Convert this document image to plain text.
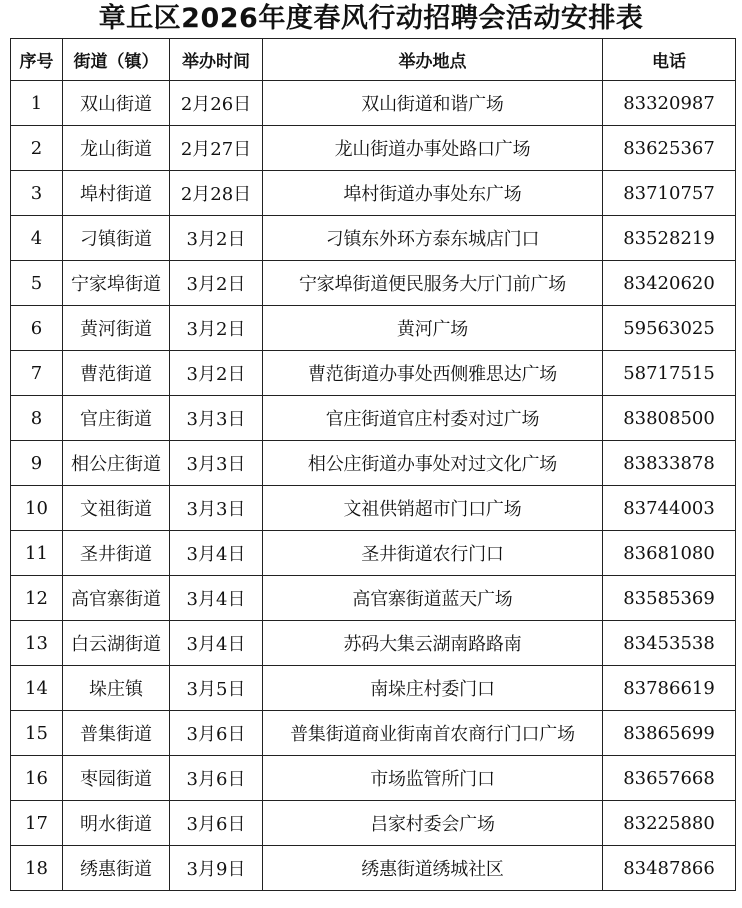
章丘区2026年度春风行动招聘会活动安排表
序号	街道（镇）	举办时间	举办地点	电话
1	双山街道	2月26日	双山街道和谐广场	83320987
2	龙山街道	2月27日	龙山街道办事处路口广场	83625367
3	埠村街道	2月28日	埠村街道办事处东广场	83710757
4	刁镇街道	3月2日	刁镇东外环方泰东城店门口	83528219
5	宁家埠街道	3月2日	宁家埠街道便民服务大厅门前广场	83420620
6	黄河街道	3月2日	黄河广场	59563025
7	曹范街道	3月2日	曹范街道办事处西侧雅思达广场	58717515
8	官庄街道	3月3日	官庄街道官庄村委对过广场	83808500
9	相公庄街道	3月3日	相公庄街道办事处对过文化广场	83833878
10	文祖街道	3月3日	文祖供销超市门口广场	83744003
11	圣井街道	3月4日	圣井街道农行门口	83681080
12	高官寨街道	3月4日	高官寨街道蓝天广场	83585369
13	白云湖街道	3月4日	苏码大集云湖南路路南	83453538
14	垛庄镇	3月5日	南垛庄村委门口	83786619
15	普集街道	3月6日	普集街道商业街南首农商行门口广场	83865699
16	枣园街道	3月6日	市场监管所门口	83657668
17	明水街道	3月6日	吕家村委会广场	83225880
18	绣惠街道	3月9日	绣惠街道绣城社区	83487866
